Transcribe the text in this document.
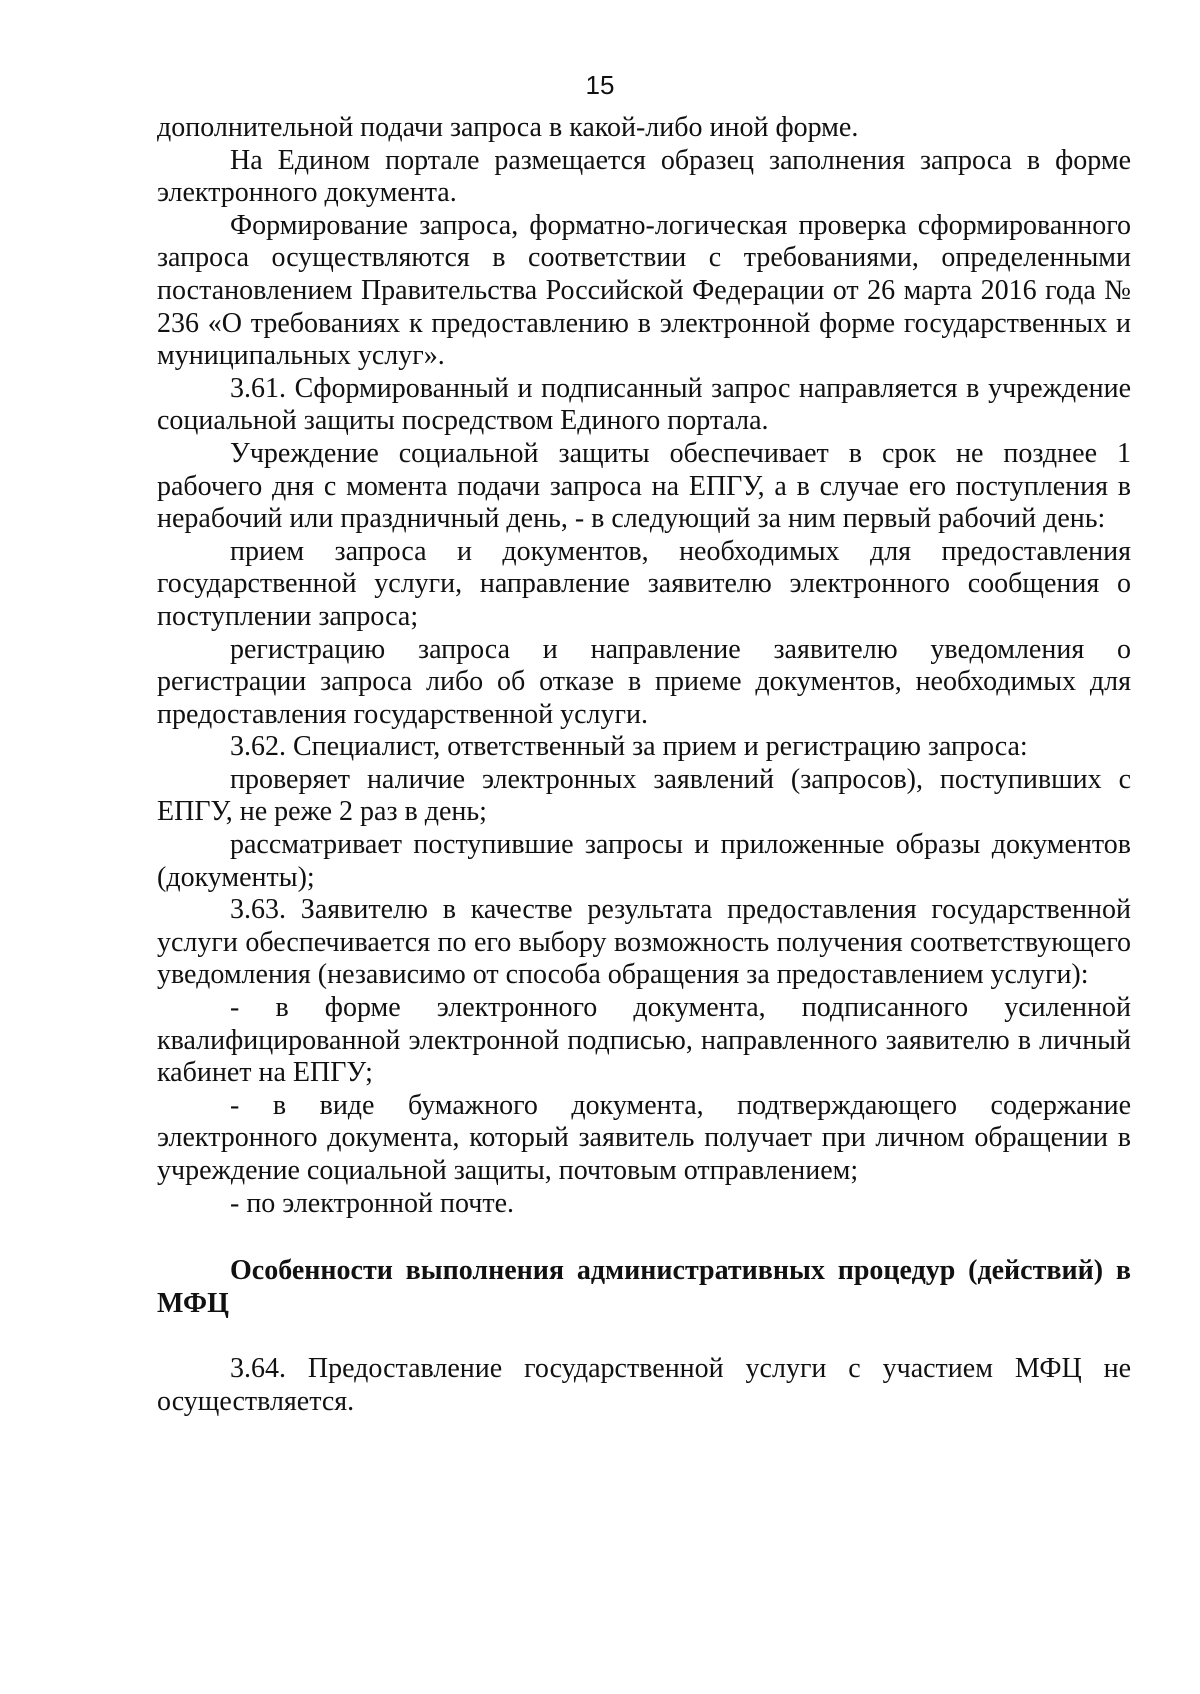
15

дополнительной подачи запроса в какой-либо иной форме.

На Едином портале размещается образец заполнения запроса в форме электронного документа.

Формирование запроса, форматно-логическая проверка сформированного запроса осуществляются в соответствии с требованиями, определенными постановлением Правительства Российской Федерации от 26 марта 2016 года № 236 «О требованиях к предоставлению в электронной форме государственных и муниципальных услуг».

3.61. Сформированный и подписанный запрос направляется в учреждение социальной защиты посредством Единого портала.

Учреждение социальной защиты обеспечивает в срок не позднее 1 рабочего дня с момента подачи запроса на ЕПГУ, а в случае его поступления в нерабочий или праздничный день, - в следующий за ним первый рабочий день:

прием запроса и документов, необходимых для предоставления государственной услуги, направление заявителю электронного сообщения о поступлении запроса;

регистрацию запроса и направление заявителю уведомления о регистрации запроса либо об отказе в приеме документов, необходимых для предоставления государственной услуги.

3.62. Специалист, ответственный за прием и регистрацию запроса:

проверяет наличие электронных заявлений (запросов), поступивших с ЕПГУ, не реже 2 раз в день;

рассматривает поступившие запросы и приложенные образы документов (документы);

3.63. Заявителю в качестве результата предоставления государственной услуги обеспечивается по его выбору возможность получения соответствующего уведомления (независимо от способа обращения за предоставлением услуги):

- в форме электронного документа, подписанного усиленной квалифицированной электронной подписью, направленного заявителю в личный кабинет на ЕПГУ;

- в виде бумажного документа, подтверждающего содержание электронного документа, который заявитель получает при личном обращении в учреждение социальной защиты, почтовым отправлением;

- по электронной почте.

Особенности выполнения административных процедур (действий) в МФЦ

3.64. Предоставление государственной услуги с участием МФЦ не осуществляется.
